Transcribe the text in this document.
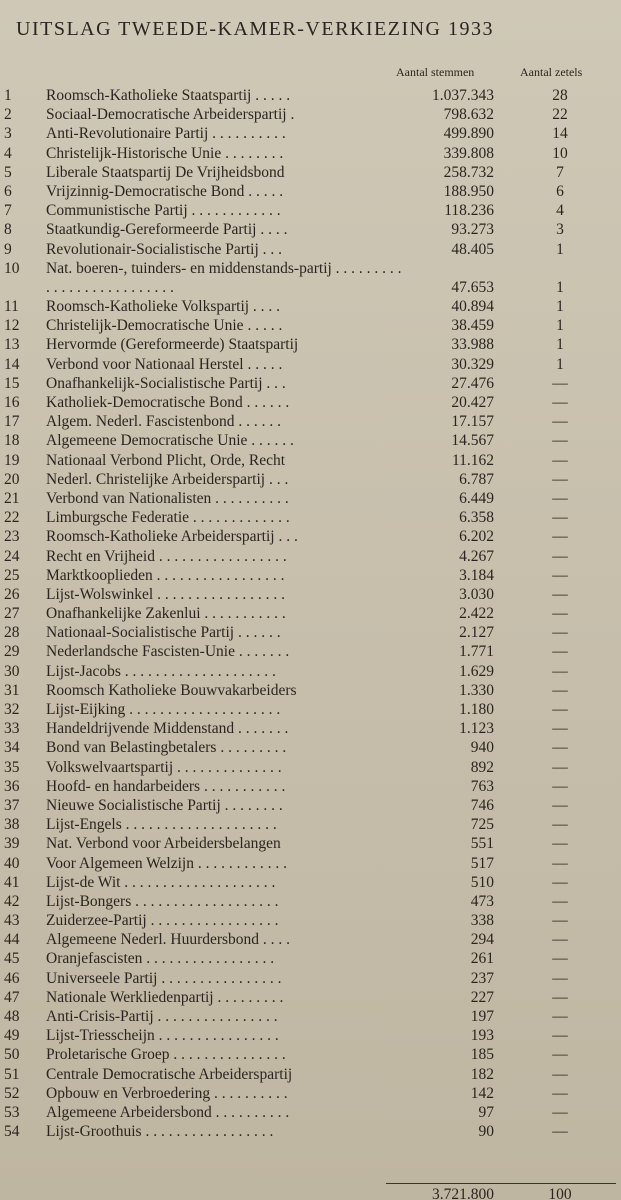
UITSLAG TWEEDE-KAMER-VERKIEZING 1933
Aantal stemmen	Aantal zetels
1	Roomsch-Katholieke Staatspartij . . . . .	1.037.343	28
2	Sociaal-Democratische Arbeiderspartij .	798.632	22
3	Anti-Revolutionaire Partij . . . . . . . . . .	499.890	14
4	Christelijk-Historische Unie . . . . . . . .	339.808	10
5	Liberale Staatspartij De Vrijheidsbond	258.732	7
6	Vrijzinnig-Democratische Bond . . . . .	188.950	6
7	Communistische Partij . . . . . . . . . . . .	118.236	4
8	Staatkundig-Gereformeerde Partij . . . .	93.273	3
9	Revolutionair-Socialistische Partij . . .	48.405	1
10	Nat. boeren-, tuinders- en middenstands-partij . . . . . . . . . . . . . . . . . . . . . . . . . .	47.653	1
11	Roomsch-Katholieke Volkspartij . . . .	40.894	1
12	Christelijk-Democratische Unie . . . . .	38.459	1
13	Hervormde (Gereformeerde) Staatspartij	33.988	1
14	Verbond voor Nationaal Herstel . . . . .	30.329	1
15	Onafhankelijk-Socialistische Partij . . .	27.476	—
16	Katholiek-Democratische Bond . . . . . .	20.427	—
17	Algem. Nederl. Fascistenbond . . . . . .	17.157	—
18	Algemeene Democratische Unie . . . . . .	14.567	—
19	Nationaal Verbond Plicht, Orde, Recht	11.162	—
20	Nederl. Christelijke Arbeiderspartij . . .	6.787	—
21	Verbond van Nationalisten . . . . . . . . . .	6.449	—
22	Limburgsche Federatie . . . . . . . . . . . . .	6.358	—
23	Roomsch-Katholieke Arbeiderspartij . . .	6.202	—
24	Recht en Vrijheid . . . . . . . . . . . . . . . . .	4.267	—
25	Marktkooplieden . . . . . . . . . . . . . . . . .	3.184	—
26	Lijst-Wolswinkel . . . . . . . . . . . . . . . . .	3.030	—
27	Onafhankelijke Zakenlui . . . . . . . . . . .	2.422	—
28	Nationaal-Socialistische Partij . . . . . .	2.127	—
29	Nederlandsche Fascisten-Unie . . . . . . .	1.771	—
30	Lijst-Jacobs . . . . . . . . . . . . . . . . . . . .	1.629	—
31	Roomsch Katholieke Bouwvakarbeiders	1.330	—
32	Lijst-Eijking . . . . . . . . . . . . . . . . . . . .	1.180	—
33	Handeldrijvende Middenstand . . . . . . .	1.123	—
34	Bond van Belastingbetalers . . . . . . . . .	940	—
35	Volkswelvaartspartij . . . . . . . . . . . . . .	892	—
36	Hoofd- en handarbeiders . . . . . . . . . . .	763	—
37	Nieuwe Socialistische Partij . . . . . . . .	746	—
38	Lijst-Engels . . . . . . . . . . . . . . . . . . . .	725	—
39	Nat. Verbond voor Arbeidersbelangen	551	—
40	Voor Algemeen Welzijn . . . . . . . . . . . .	517	—
41	Lijst-de Wit . . . . . . . . . . . . . . . . . . . .	510	—
42	Lijst-Bongers . . . . . . . . . . . . . . . . . . .	473	—
43	Zuiderzee-Partij . . . . . . . . . . . . . . . . .	338	—
44	Algemeene Nederl. Huurdersbond . . . .	294	—
45	Oranjefascisten . . . . . . . . . . . . . . . . .	261	—
46	Universeele Partij . . . . . . . . . . . . . . . .	237	—
47	Nationale Werkliedenpartij . . . . . . . . .	227	—
48	Anti-Crisis-Partij . . . . . . . . . . . . . . . .	197	—
49	Lijst-Triesscheijn . . . . . . . . . . . . . . . .	193	—
50	Proletarische Groep . . . . . . . . . . . . . . .	185	—
51	Centrale Democratische Arbeiderspartij	182	—
52	Opbouw en Verbroedering . . . . . . . . . .	142	—
53	Algemeene Arbeidersbond . . . . . . . . . .	97	—
54	Lijst-Groothuis . . . . . . . . . . . . . . . . .	90	—
3.721.800	100
